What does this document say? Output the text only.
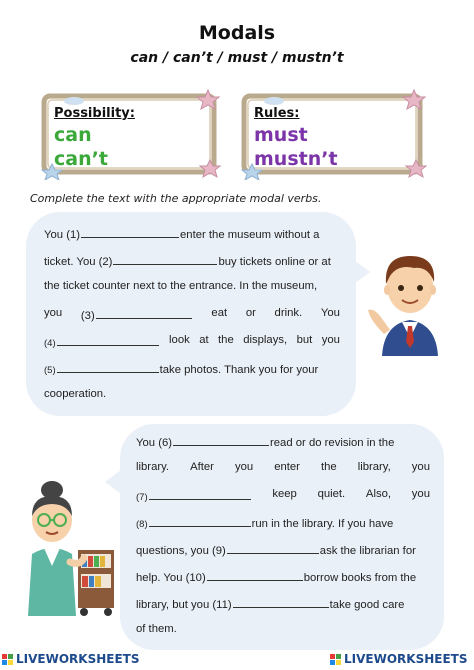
Modals
can / can’t / must / mustn’t
Possibility:
can
can’t
Rules:
must
mustn’t
Complete the text with the appropriate modal verbs.
You (1)	enter the museum without a
ticket. You (2)	buy tickets online or at
the ticket counter next to the entrance. In the museum,
you (3)	eat or drink. You
(4)	look at the displays, but you
(5)	take photos. Thank you for your
cooperation.
You (6)	read or do revision in the
library. After you enter the library, you
(7)	keep quiet. Also, you
(8)	run in the library. If you have
questions, you (9)	ask the librarian for
help. You (10)	borrow books from the
library, but you (11)	take good care
of them.
LIVEWORKSHEETS	LIVEWORKSHEETS
